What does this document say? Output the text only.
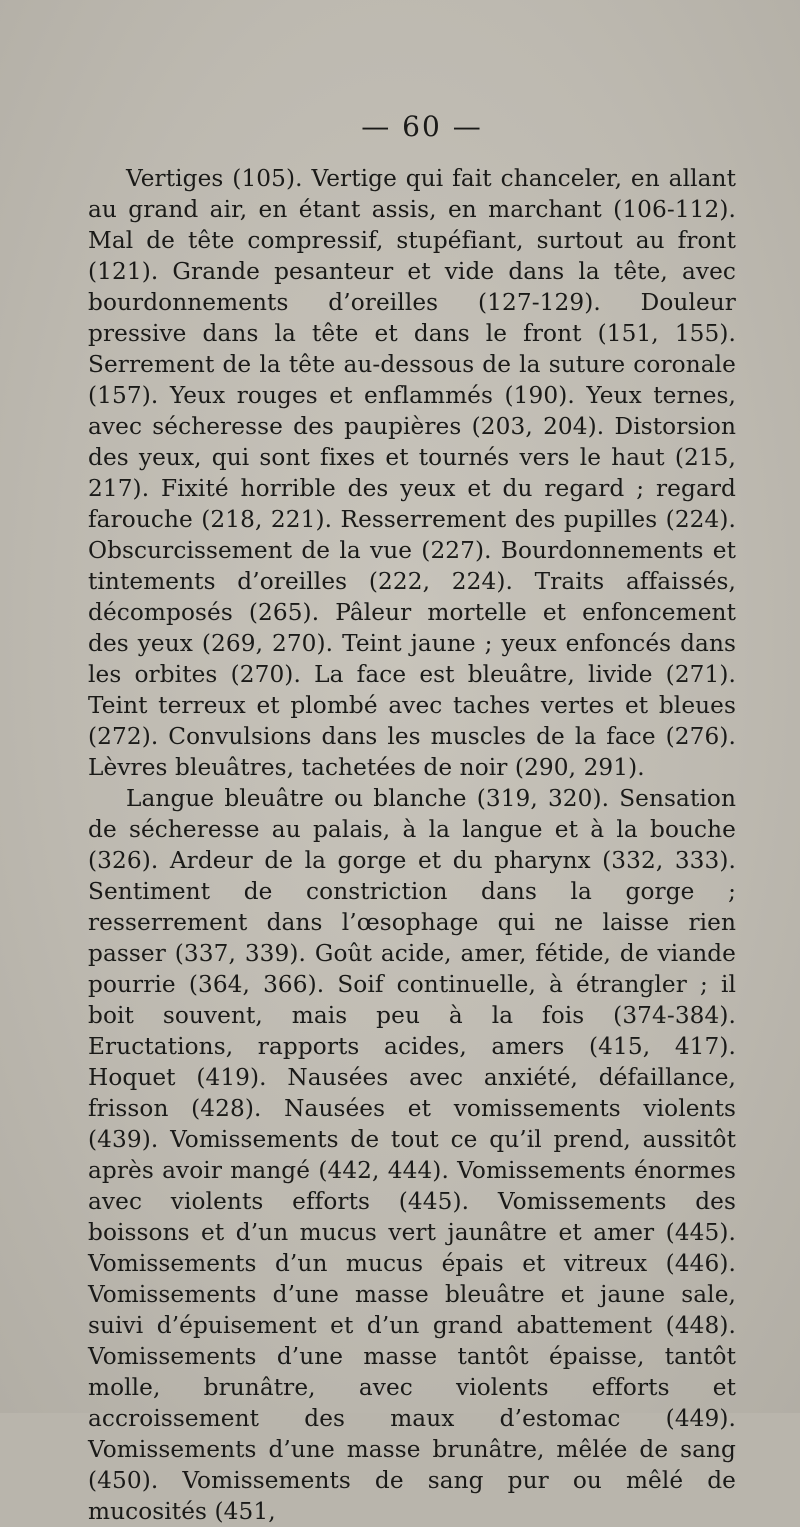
— 60 —

Vertiges (105). Vertige qui fait chanceler, en allant au grand air, en étant assis, en marchant (106-112). Mal de tête compressif, stupéfiant, surtout au front (121). Grande pesanteur et vide dans la tête, avec bourdonnements d’oreilles (127-129). Douleur pressive dans la tête et dans le front (151, 155). Serrement de la tête au-dessous de la suture coronale (157). Yeux rouges et enflammés (190). Yeux ternes, avec sécheresse des paupières (203, 204). Distorsion des yeux, qui sont fixes et tournés vers le haut (215, 217). Fixité horrible des yeux et du regard ; regard farouche (218, 221). Resserrement des pupilles (224). Obscurcissement de la vue (227). Bourdonnements et tintements d’oreilles (222, 224). Traits affaissés, décomposés (265). Pâleur mortelle et enfoncement des yeux (269, 270). Teint jaune ; yeux enfoncés dans les orbites (270). La face est bleuâtre, livide (271). Teint terreux et plombé avec taches vertes et bleues (272). Convulsions dans les muscles de la face (276). Lèvres bleuâtres, tachetées de noir (290, 291).

Langue bleuâtre ou blanche (319, 320). Sensation de sécheresse au palais, à la langue et à la bouche (326). Ardeur de la gorge et du pharynx (332, 333). Sentiment de constriction dans la gorge ; resserrement dans l’œsophage qui ne laisse rien passer (337, 339). Goût acide, amer, fétide, de viande pourrie (364, 366). Soif continuelle, à étrangler ; il boit souvent, mais peu à la fois (374-384). Eructations, rapports acides, amers (415, 417). Hoquet (419). Nausées avec anxiété, défaillance, frisson (428). Nausées et vomissements violents (439). Vomissements de tout ce qu’il prend, aussitôt après avoir mangé (442, 444). Vomissements énormes avec violents efforts (445). Vomissements des boissons et d’un mucus vert jaunâtre et amer (445). Vomissements d’un mucus épais et vitreux (446). Vomissements d’une masse bleuâtre et jaune sale, suivi d’épuisement et d’un grand abattement (448). Vomissements d’une masse tantôt épaisse, tantôt molle, brunâtre, avec violents efforts et accroissement des maux d’estomac (449). Vomissements d’une masse brunâtre, mêlée de sang (450). Vomissements de sang pur ou mêlé de mucosités (451,
